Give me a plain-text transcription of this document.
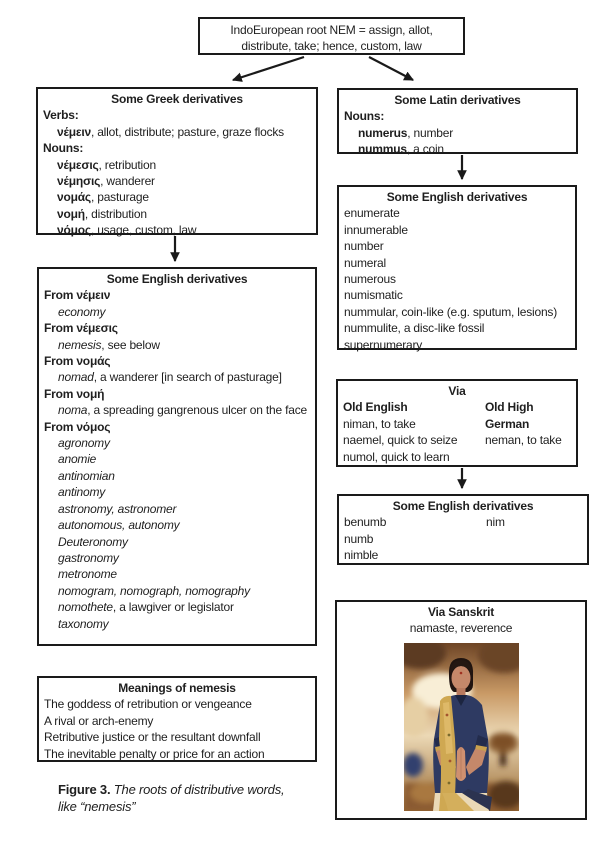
IndoEuropean root NEM = assign, allot, distribute, take; hence, custom, law
Some Greek derivatives
Verbs:
νέμειν, allot, distribute; pasture, graze flocks
Nouns:
νέμεσις, retribution
νέμησις, wanderer
νομάς, pasturage
νομή, distribution
νόμος, usage, custom, law
Some Latin derivatives
Nouns:
numerus, number
nummus, a coin
Some English derivatives
enumerate
innumerable
number
numeral
numerous
numismatic
nummular, coin-like (e.g. sputum, lesions)
nummulite, a disc-like fossil
supernumerary
Via
Old English
niman, to take
naemel, quick to seize
numol, quick to learn
Old High German
neman, to take
Some English derivatives
benumb
numb
nimble
nim
Via Sanskrit
namaste, reverence
Some English derivatives
From νέμειν
economy
From νέμεσις
nemesis, see below
From νομάς
nomad, a wanderer [in search of pasturage]
From νομή
noma, a spreading gangrenous ulcer on the face
From νόμος
agronomy
anomie
antinomian
antinomy
astronomy, astronomer
autonomous, autonomy
Deuteronomy
gastronomy
metronome
nomogram, nomograph, nomography
nomothete, a lawgiver or legislator
taxonomy
Meanings of nemesis
The goddess of retribution or vengeance
A rival or arch-enemy
Retributive justice or the resultant downfall
The inevitable penalty or price for an action
Figure 3. The roots of distributive words, like “nemesis”
